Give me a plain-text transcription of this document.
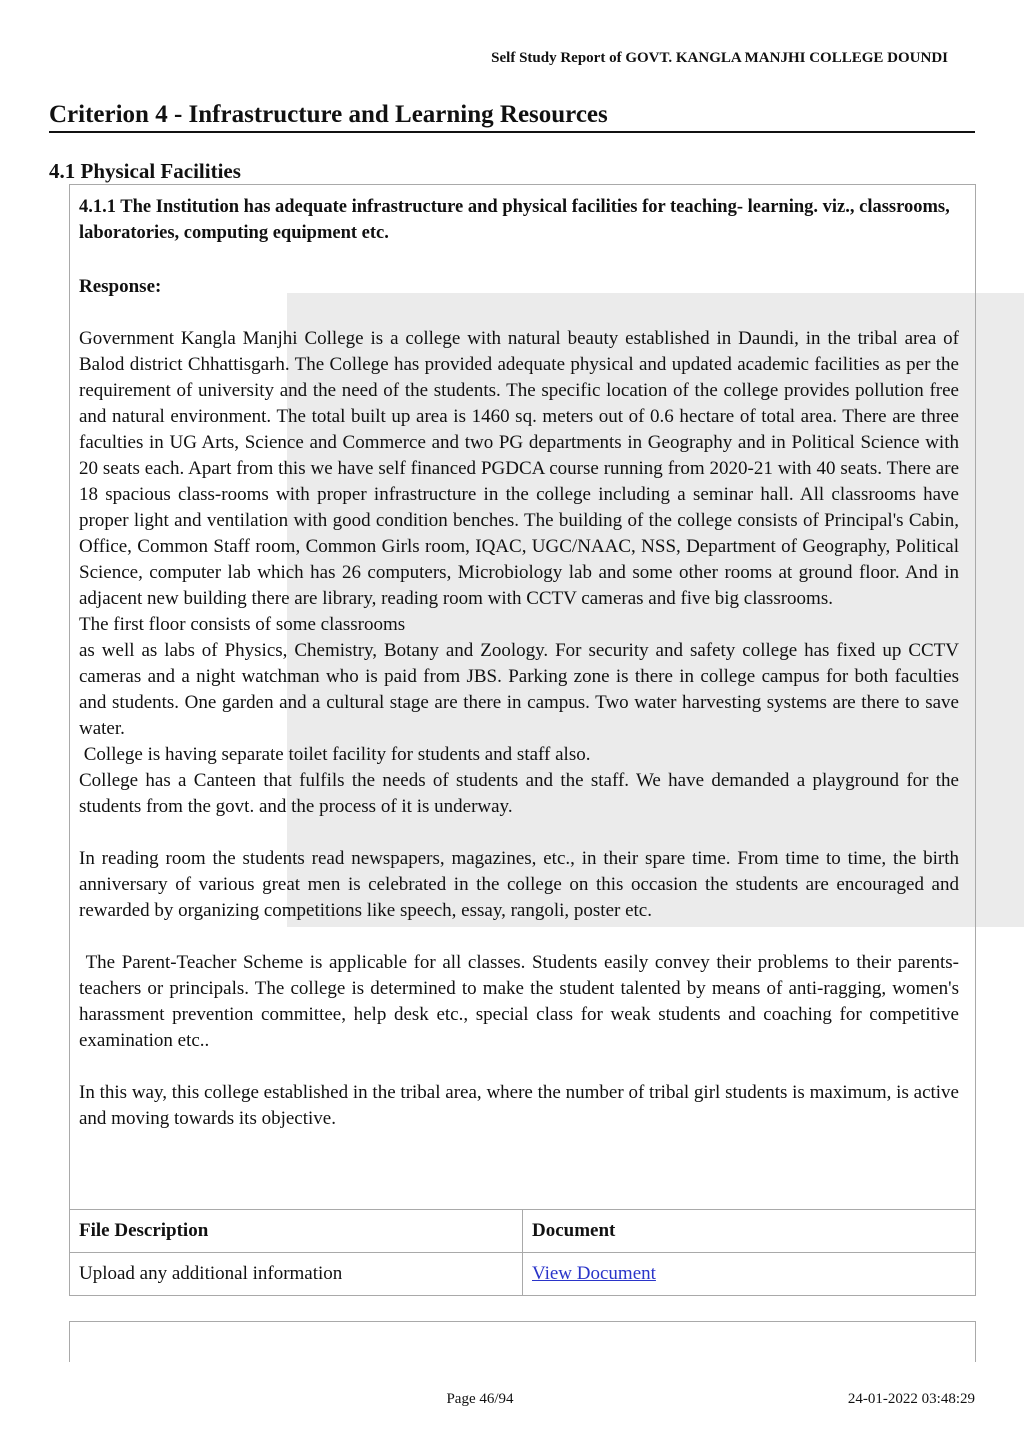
Self Study Report of GOVT. KANGLA MANJHI COLLEGE DOUNDI
Criterion 4 - Infrastructure and Learning Resources
4.1 Physical Facilities

4.1.1 The Institution has adequate infrastructure and physical facilities for teaching- learning. viz., classrooms, laboratories, computing equipment etc.

Response:

Government Kangla Manjhi College is a college with natural beauty established in Daundi, in the tribal area of Balod district Chhattisgarh. The College has provided adequate physical and updated academic facilities as per the requirement of university and the need of the students. The specific location of the college provides pollution free and natural environment. The total built up area is 1460 sq. meters out of 0.6 hectare of total area. There are three faculties in UG Arts, Science and Commerce and two PG departments in Geography and in Political Science with 20 seats each. Apart from this we have self financed PGDCA course running from 2020-21 with 40 seats. There are 18 spacious class-rooms with proper infrastructure in the college including a seminar hall. All classrooms have proper light and ventilation with good condition benches. The building of the college consists of Principal's Cabin, Office, Common Staff room, Common Girls room, IQAC, UGC/NAAC, NSS, Department of Geography, Political Science, computer lab which has 26 computers, Microbiology lab and some other rooms at ground floor. And in adjacent new building there are library, reading room with CCTV cameras and five big classrooms.

The first floor consists of some classrooms

as well as labs of Physics, Chemistry, Botany and Zoology. For security and safety college has fixed up CCTV cameras and a night watchman who is paid from JBS. Parking zone is there in college campus for both faculties and students. One garden and a cultural stage are there in campus. Two water harvesting systems are there to save water.

College is having separate toilet facility for students and staff also.

College has a Canteen that fulfils the needs of students and the staff. We have demanded a playground for the students from the govt. and the process of it is underway.

In reading room the students read newspapers, magazines, etc., in their spare time. From time to time, the birth anniversary of various great men is celebrated in the college on this occasion the students are encouraged and rewarded by organizing competitions like speech, essay, rangoli, poster etc.

The Parent-Teacher Scheme is applicable for all classes. Students easily convey their problems to their parents- teachers or principals. The college is determined to make the student talented by means of anti-ragging, women's harassment prevention committee, help desk etc., special class for weak students and coaching for competitive examination etc..

In this way, this college established in the tribal area, where the number of tribal girl students is maximum, is active and moving towards its objective.

File Description	Document
Upload any additional information	View Document
Page 46/94	24-01-2022 03:48:29
